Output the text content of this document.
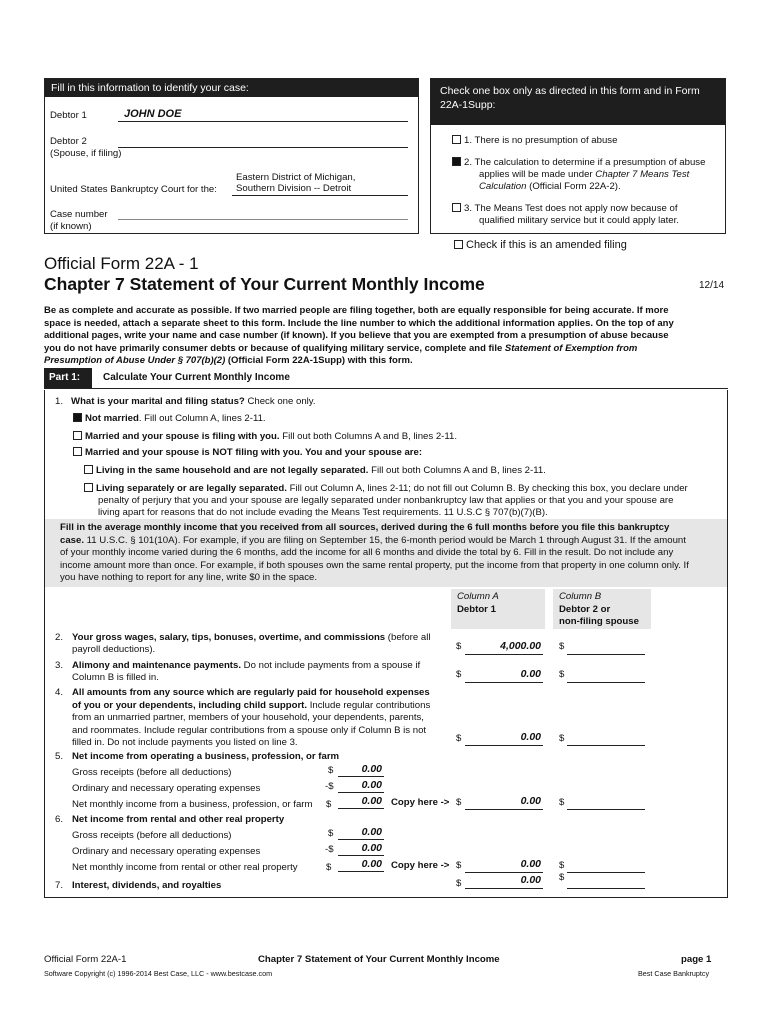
Fill in this information to identify your case:
Debtor 1	JOHN DOE
Debtor 2
(Spouse, if filing)
Eastern District of Michigan,
United States Bankruptcy Court for the: Southern Division -- Detroit
Case number
(if known)
Check one box only as directed in this form and in Form
22A-1Supp:
1. There is no presumption of abuse
2. The calculation to determine if a presumption of abuse
applies will be made under Chapter 7 Means Test
Calculation (Official Form 22A-2).
3. The Means Test does not apply now because of
qualified military service but it could apply later.
Check if this is an amended filing
Official Form 22A - 1
Chapter 7 Statement of Your Current Monthly Income	12/14
Be as complete and accurate as possible. If two married people are filing together, both are equally responsible for being accurate. If more
space is needed, attach a separate sheet to this form. Include the line number to which the additional information applies. On the top of any
additional pages, write your name and case number (if known). If you believe that you are exempted from a presumption of abuse because
you do not have primarily consumer debts or because of qualifying military service, complete and file Statement of Exemption from
Presumption of Abuse Under § 707(b)(2) (Official Form 22A-1Supp) with this form.
Part 1:	Calculate Your Current Monthly Income
1. What is your marital and filing status? Check one only.
Not married. Fill out Column A, lines 2-11.
Married and your spouse is filing with you. Fill out both Columns A and B, lines 2-11.
Married and your spouse is NOT filing with you. You and your spouse are:
Living in the same household and are not legally separated. Fill out both Columns A and B, lines 2-11.
Living separately or are legally separated. Fill out Column A, lines 2-11; do not fill out Column B. By checking this box, you declare under
penalty of perjury that you and your spouse are legally separated under nonbankruptcy law that applies or that you and your spouse are
living apart for reasons that do not include evading the Means Test requirements. 11 U.S.C § 707(b)(7)(B).
Fill in the average monthly income that you received from all sources, derived during the 6 full months before you file this bankruptcy
case. 11 U.S.C. § 101(10A). For example, if you are filing on September 15, the 6-month period would be March 1 through August 31. If the amount
of your monthly income varied during the 6 months, add the income for all 6 months and divide the total by 6. Fill in the result. Do not include any
income amount more than once. For example, if both spouses own the same rental property, put the income from that property in one column only. If
you have nothing to report for any line, write $0 in the space.
Column A
Debtor 1
Column B
Debtor 2 or
non-filing spouse
2. Your gross wages, salary, tips, bonuses, overtime, and commissions (before all
payroll deductions).	$	4,000.00 $
3. Alimony and maintenance payments. Do not include payments from a spouse if
Column B is filled in.	$	0.00 $
4. All amounts from any source which are regularly paid for household expenses
of you or your dependents, including child support. Include regular contributions
from an unmarried partner, members of your household, your dependents, parents,
and roommates. Include regular contributions from a spouse only if Column B is not
filled in. Do not include payments you listed on line 3.	$	0.00 $
5. Net income from operating a business, profession, or farm
Gross receipts (before all deductions)	$	0.00
Ordinary and necessary operating expenses	-$	0.00
Net monthly income from a business, profession, or farm $	0.00 Copy here -> $	0.00 $
6. Net income from rental and other real property
Gross receipts (before all deductions)	$	0.00
Ordinary and necessary operating expenses	-$	0.00
Net monthly income from rental or other real property	$	0.00 Copy here -> $	0.00 $
7. Interest, dividends, and royalties	$	0.00 $
Official Form 22A-1	Chapter 7 Statement of Your Current Monthly Income	page 1
Software Copyright (c) 1996-2014 Best Case, LLC - www.bestcase.com	Best Case Bankruptcy
